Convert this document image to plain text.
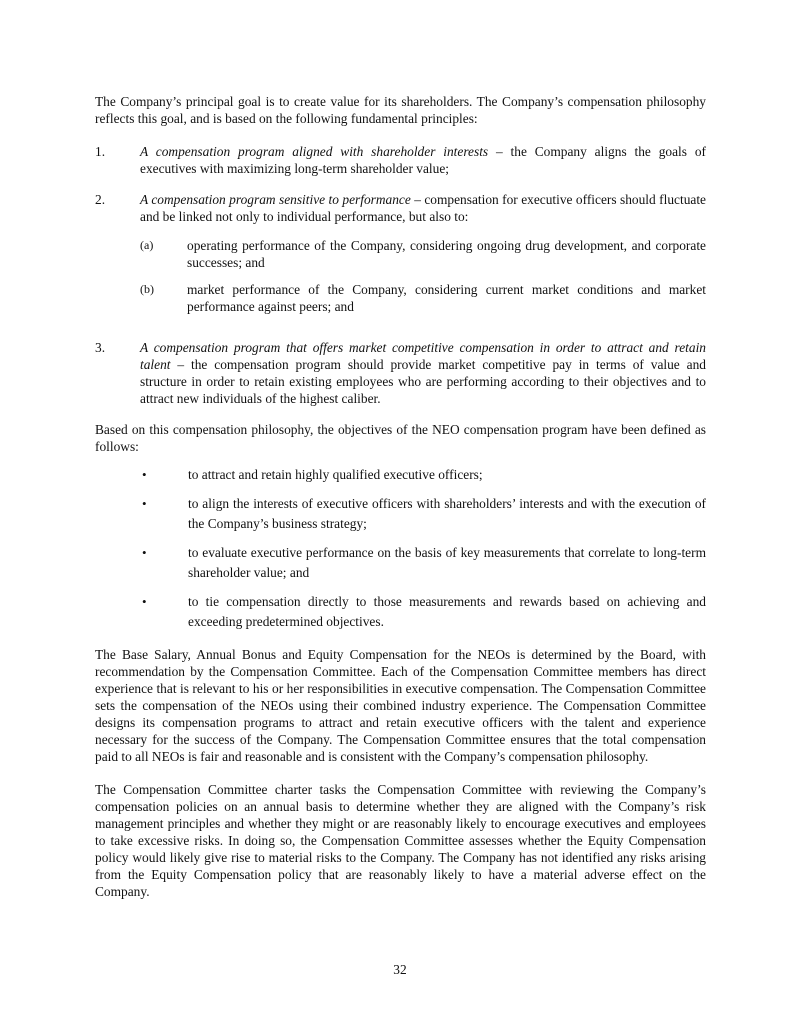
The Company’s principal goal is to create value for its shareholders. The Company’s compensation philosophy reflects this goal, and is based on the following fundamental principles:

1.	A compensation program aligned with shareholder interests – the Company aligns the goals of executives with maximizing long-term shareholder value;
2.	A compensation program sensitive to performance – compensation for executive officers should fluctuate and be linked not only to individual performance, but also to:
(a)	operating performance of the Company, considering ongoing drug development, and corporate successes; and
(b)	market performance of the Company, considering current market conditions and market performance against peers; and
3.	A compensation program that offers market competitive compensation in order to attract and retain talent – the compensation program should provide market competitive pay in terms of value and structure in order to retain existing employees who are performing according to their objectives and to attract new individuals of the highest caliber.

Based on this compensation philosophy, the objectives of the NEO compensation program have been defined as follows:

•	to attract and retain highly qualified executive officers;
•	to align the interests of executive officers with shareholders’ interests and with the execution of the Company’s business strategy;
•	to evaluate executive performance on the basis of key measurements that correlate to long-term shareholder value; and
•	to tie compensation directly to those measurements and rewards based on achieving and exceeding predetermined objectives.

The Base Salary, Annual Bonus and Equity Compensation for the NEOs is determined by the Board, with recommendation by the Compensation Committee. Each of the Compensation Committee members has direct experience that is relevant to his or her responsibilities in executive compensation. The Compensation Committee sets the compensation of the NEOs using their combined industry experience. The Compensation Committee designs its compensation programs to attract and retain executive officers with the talent and experience necessary for the success of the Company. The Compensation Committee ensures that the total compensation paid to all NEOs is fair and reasonable and is consistent with the Company’s compensation philosophy.

The Compensation Committee charter tasks the Compensation Committee with reviewing the Company’s compensation policies on an annual basis to determine whether they are aligned with the Company’s risk management principles and whether they might or are reasonably likely to encourage executives and employees to take excessive risks. In doing so, the Compensation Committee assesses whether the Equity Compensation policy would likely give rise to material risks to the Company. The Company has not identified any risks arising from the Equity Compensation policy that are reasonably likely to have a material adverse effect on the Company.

32
